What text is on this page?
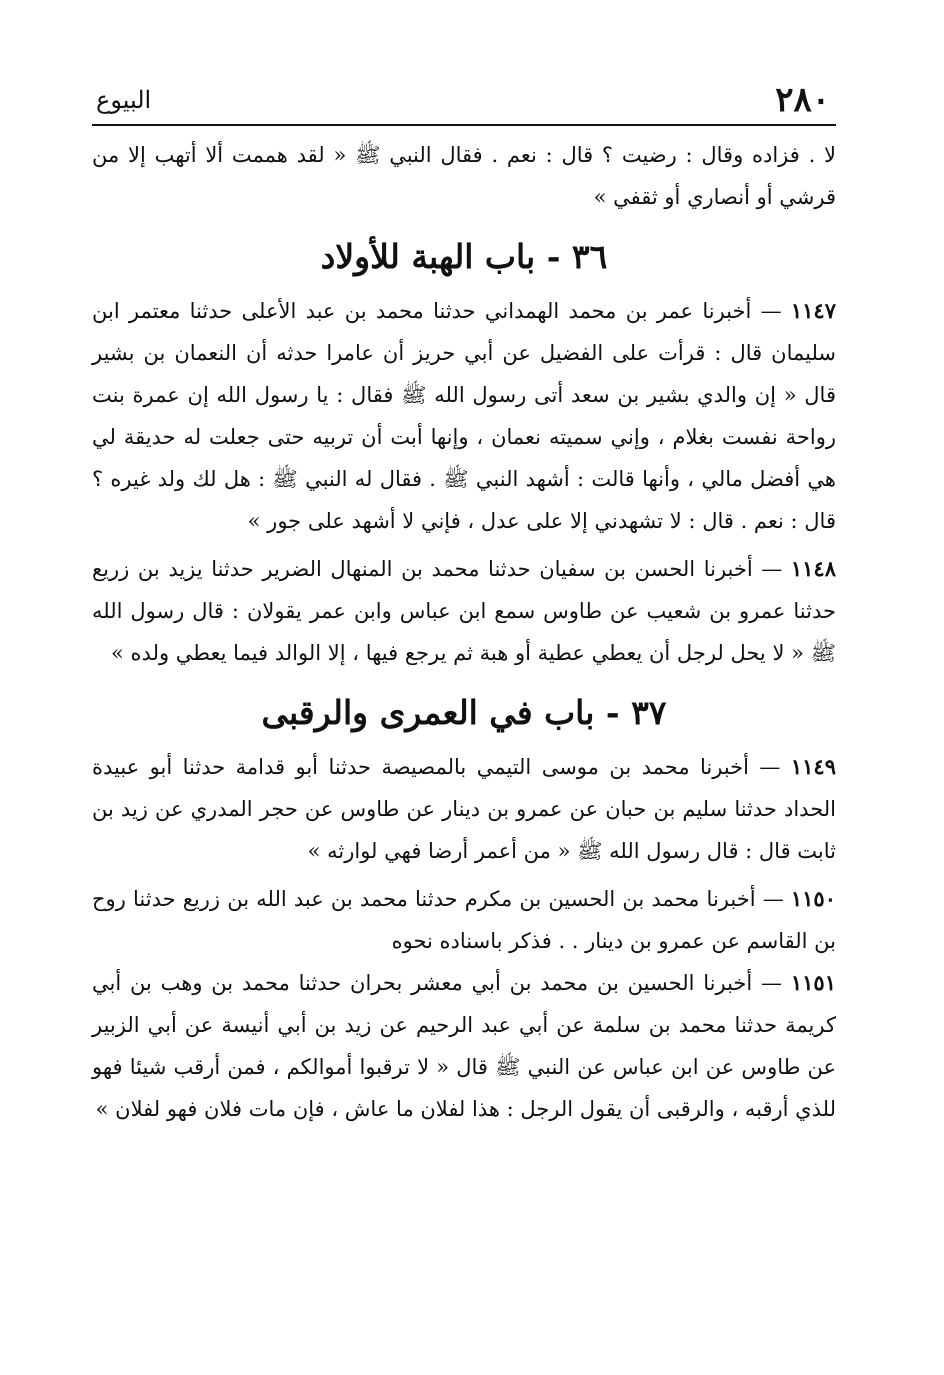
٢٨٠
البيوع

لا . فزاده وقال : رضيت ؟ قال : نعم . فقال النبي ﷺ « لقد هممت ألا أتهب إلا من قرشي أو أنصاري أو ثقفي »

٣٦ - باب الهبة للأولاد

١١٤٧ — أخبرنا عمر بن محمد الهمداني حدثنا محمد بن عبد الأعلى حدثنا معتمر ابن سليمان قال : قرأت على الفضيل عن أبي حريز أن عامرا حدثه أن النعمان بن بشير قال « إن والدي بشير بن سعد أتى رسول الله ﷺ فقال : يا رسول الله إن عمرة بنت رواحة نفست بغلام ، وإني سميته نعمان ، وإنها أبت أن تربيه حتى جعلت له حديقة لي هي أفضل مالي ، وأنها قالت : أشهد النبي ﷺ . فقال له النبي ﷺ : هل لك ولد غيره ؟ قال : نعم . قال : لا تشهدني إلا على عدل ، فإني لا أشهد على جور »

١١٤٨ — أخبرنا الحسن بن سفيان حدثنا محمد بن المنهال الضرير حدثنا يزيد بن زريع حدثنا عمرو بن شعيب عن طاوس سمع ابن عباس وابن عمر يقولان : قال رسول الله ﷺ « لا يحل لرجل أن يعطي عطية أو هبة ثم يرجع فيها ، إلا الوالد فيما يعطي ولده »

٣٧ - باب في العمرى والرقبى

١١٤٩ — أخبرنا محمد بن موسى التيمي بالمصيصة حدثنا أبو قدامة حدثنا أبو عبيدة الحداد حدثنا سليم بن حبان عن عمرو بن دينار عن طاوس عن حجر المدري عن زيد بن ثابت قال : قال رسول الله ﷺ « من أعمر أرضا فهي لوارثه »

١١٥٠ — أخبرنا محمد بن الحسين بن مكرم حدثنا محمد بن عبد الله بن زريع حدثنا روح بن القاسم عن عمرو بن دينار . . فذكر باسناده نحوه

١١٥١ — أخبرنا الحسين بن محمد بن أبي معشر بحران حدثنا محمد بن وهب بن أبي كريمة حدثنا محمد بن سلمة عن أبي عبد الرحيم عن زيد بن أبي أنيسة عن أبي الزبير عن طاوس عن ابن عباس عن النبي ﷺ قال « لا ترقبوا أموالكم ، فمن أرقب شيئا فهو للذي أرقبه ، والرقبى أن يقول الرجل : هذا لفلان ما عاش ، فإن مات فلان فهو لفلان »
